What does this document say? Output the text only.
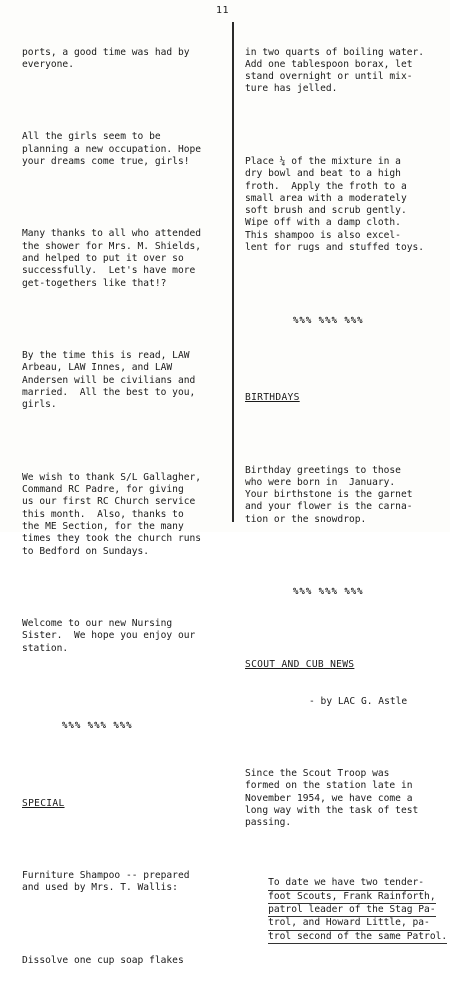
11

ports, a good time was had by
everyone.

All the girls seem to be
planning a new occupation. Hope
your dreams come true, girls!

Many thanks to all who attended
the shower for Mrs. M. Shields,
and helped to put it over so
successfully.  Let's have more
get-togethers like that!?

By the time this is read, LAW
Arbeau, LAW Innes, and LAW
Andersen will be civilians and
married.  All the best to you,
girls.

We wish to thank S/L Gallagher,
Command RC Padre, for giving
us our first RC Church service
this month.  Also, thanks to
the ME Section, for the many
times they took the church runs
to Bedford on Sundays.

Welcome to our new Nursing
Sister.  We hope you enjoy our
station.

%%% %%% %%%

SPECIAL

Furniture Shampoo -- prepared
and used by Mrs. T. Wallis:

Dissolve one cup soap flakes

in two quarts of boiling water.
Add one tablespoon borax, let
stand overnight or until mix-
ture has jelled.

Place ¼ of the mixture in a
dry bowl and beat to a high
froth.  Apply the froth to a
small area with a moderately
soft brush and scrub gently.
Wipe off with a damp cloth.
This shampoo is also excel-
lent for rugs and stuffed toys.

%%% %%% %%%

BIRTHDAYS

Birthday greetings to those
who were born in  January.
Your birthstone is the garnet
and your flower is the carna-
tion or the snowdrop.

%%% %%% %%%

SCOUT AND CUB NEWS

- by LAC G. Astle

Since the Scout Troop was
formed on the station late in
November 1954, we have come a
long way with the task of test
passing.

To date we have two tender-
foot Scouts, Frank Rainforth,
patrol leader of the Stag Pa-
trol, and Howard Little, pa-
trol second of the same Patrol.
